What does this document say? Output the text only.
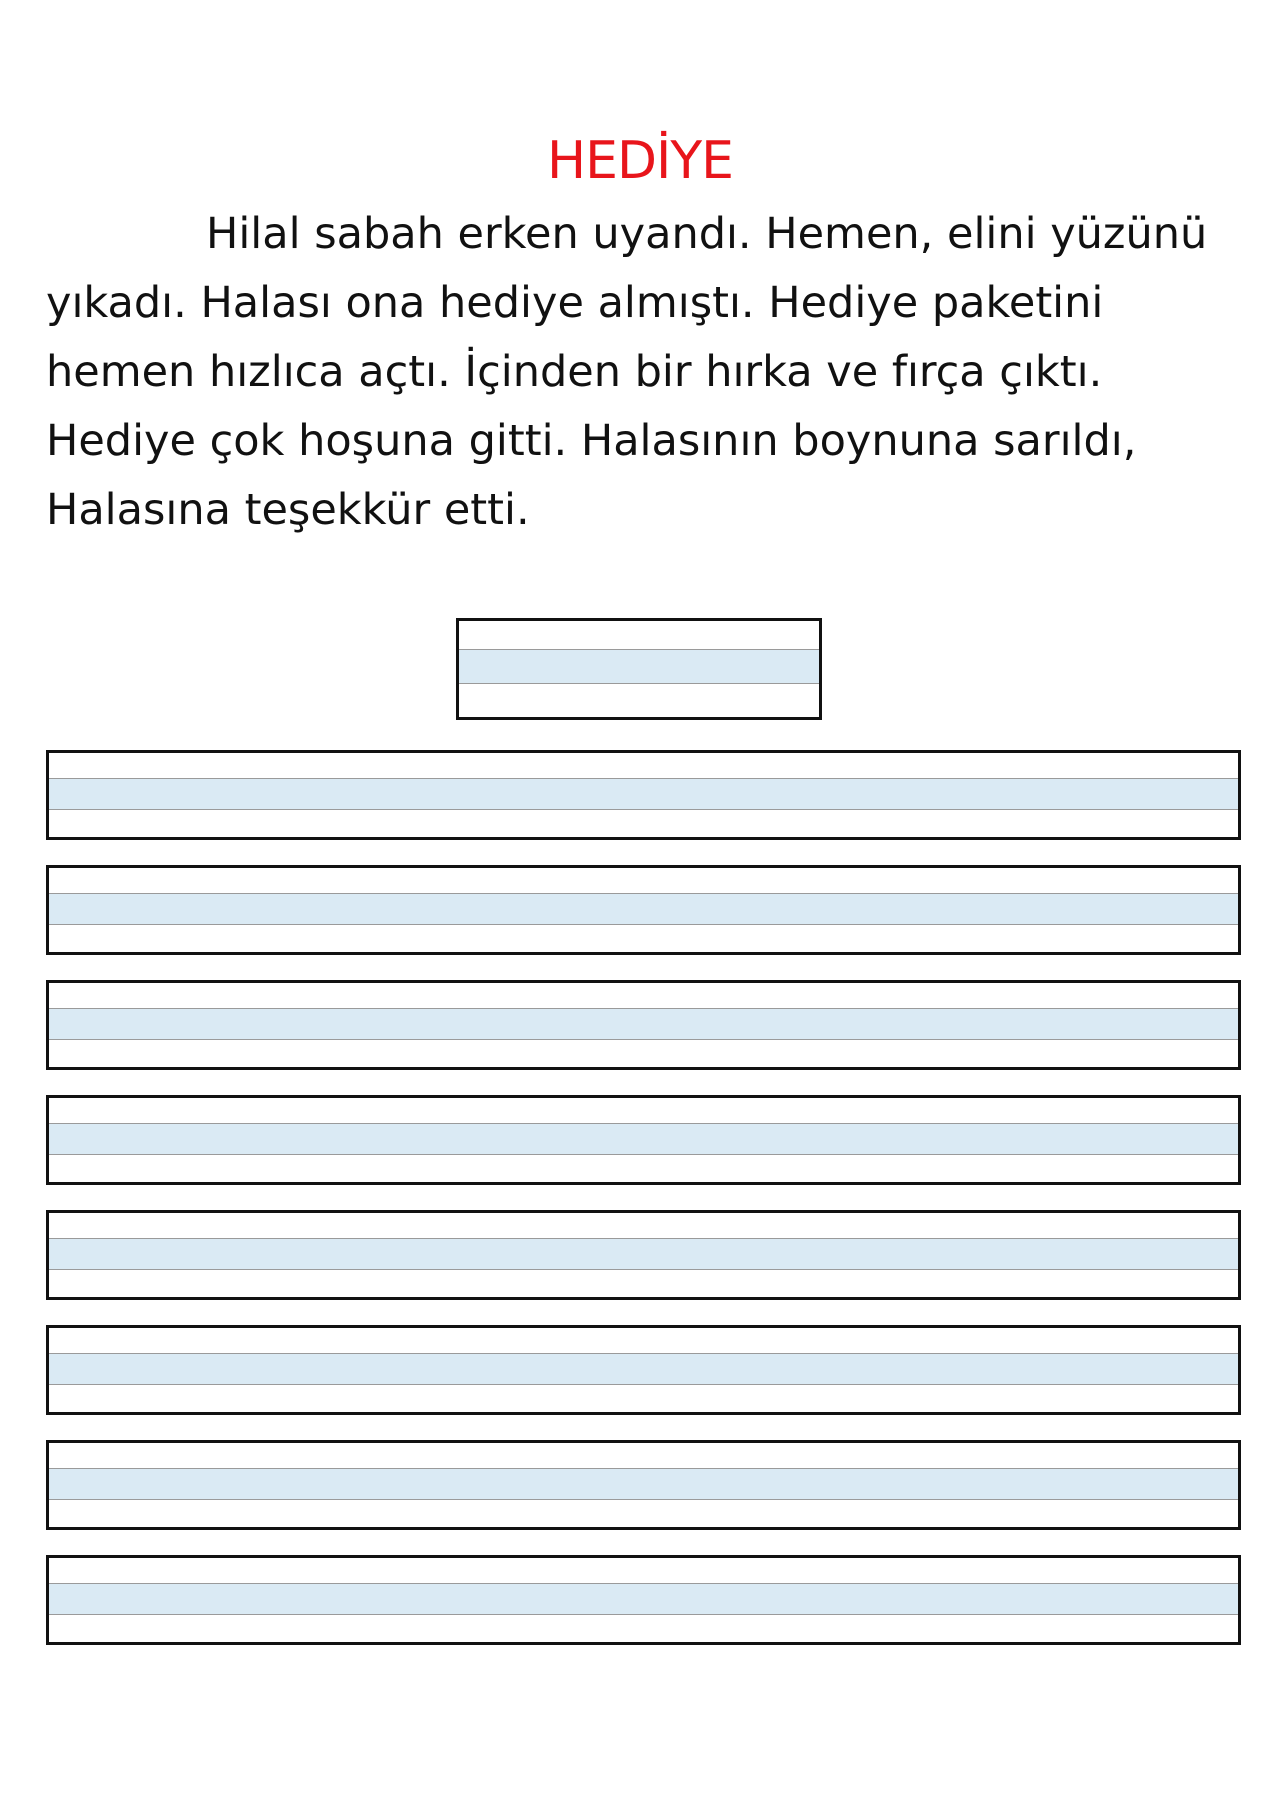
HEDİYE
Hilal sabah erken uyandı. Hemen, elini yüzünü
yıkadı. Halası ona hediye almıştı. Hediye paketini
hemen hızlıca açtı. İçinden bir hırka ve fırça çıktı.
Hediye çok hoşuna gitti. Halasının boynuna sarıldı,
Halasına teşekkür etti.
